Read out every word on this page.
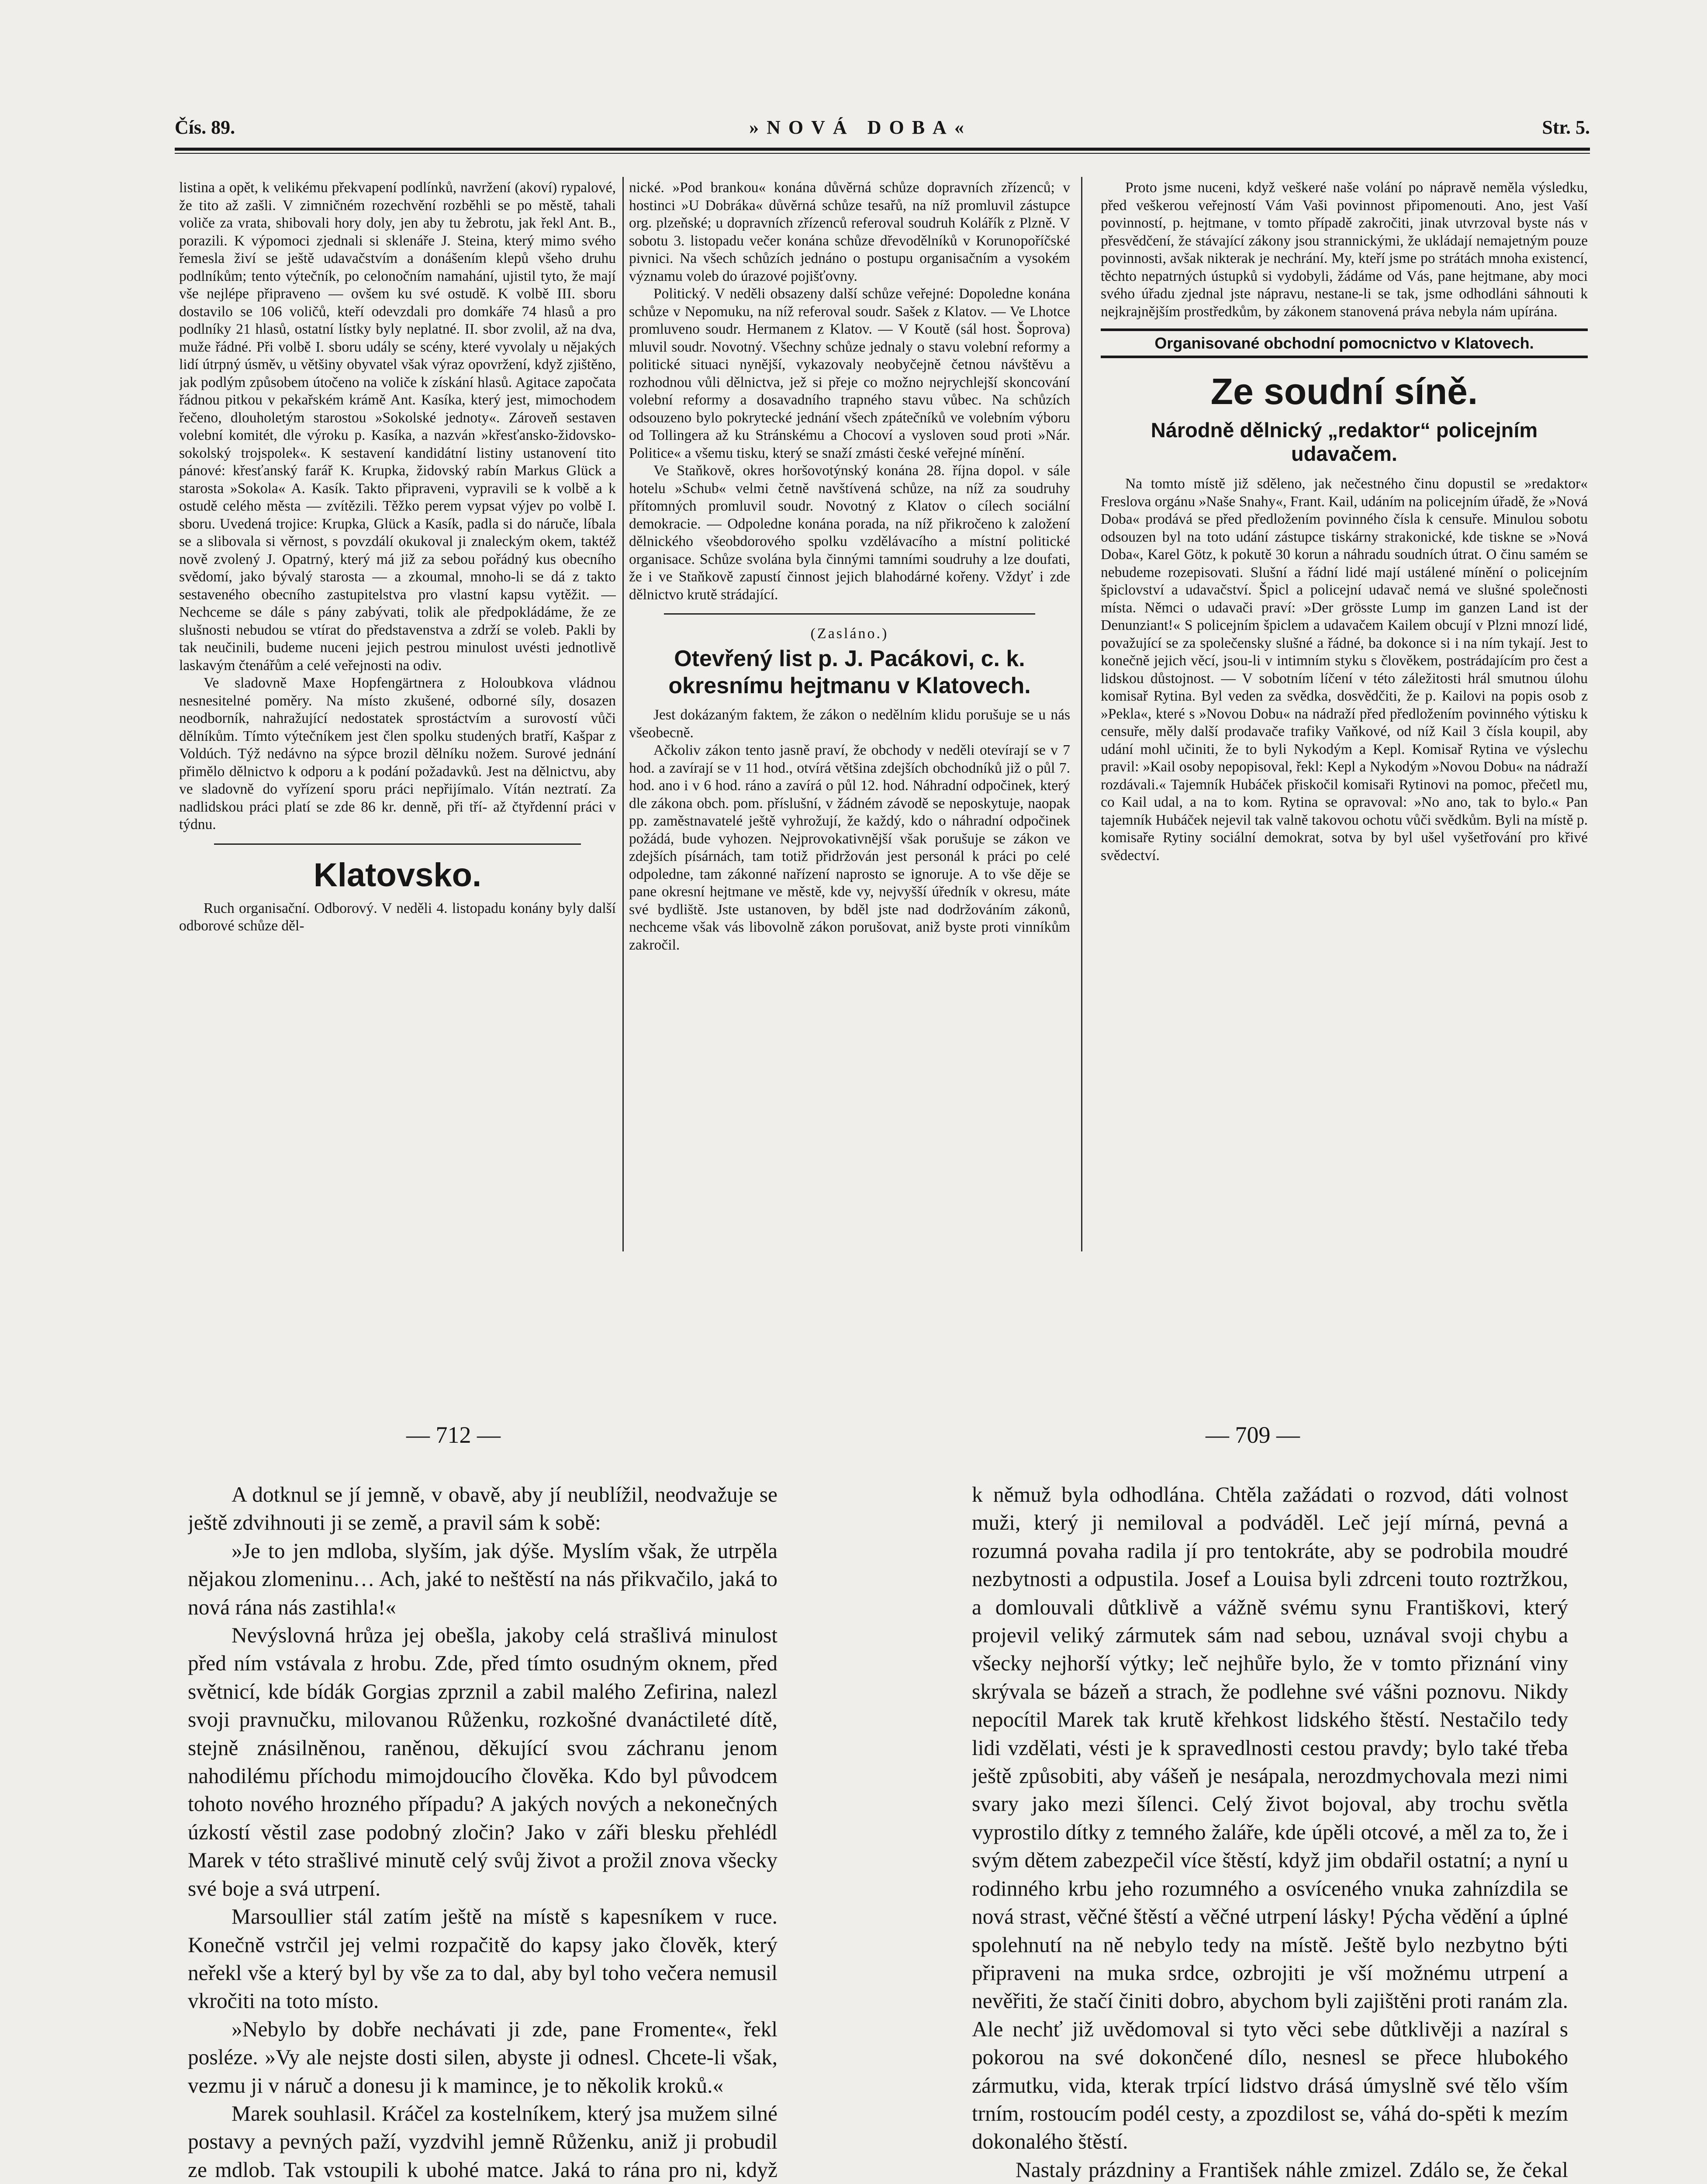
Čís. 89.	»NOVÁ DOBA«	Str. 5.

listina a opět, k velikému překvapení podlínků, navržení (akoví) rypalové, že tito až zašli. V zimničném rozechvění rozběhli se po městě, tahali voliče za vrata, shibovali hory doly, jen aby tu žebrotu, jak řekl Ant. B., porazili. K výpomoci zjednali si sklenáře J. Steina, který mimo svého řemesla živí se ještě udavačstvím a donášením klepů všeho druhu podlníkům; tento výtečník, po celonočním namahání, ujistil tyto, že mají vše nejlépe připraveno — ovšem ku své ostudě. K volbě III. sboru dostavilo se 106 voličů, kteří odevzdali pro domkáře 74 hlasů a pro podlníky 21 hlasů, ostatní lístky byly neplatné. II. sbor zvolil, až na dva, muže řádné. Při volbě I. sboru udály se scény, které vyvolaly u nějakých lidí útrpný úsměv, u většiny obyvatel však výraz opovržení, když zjištěno, jak podlým způsobem útočeno na voliče k získání hlasů. Agitace započata řádnou pitkou v pekařském krámě Ant. Kasíka, který jest, mimochodem řečeno, dlouholetým starostou »Sokolské jednoty«. Zároveň sestaven volební komitét, dle výroku p. Kasíka, a nazván »křesťansko-židovsko-sokolský trojspolek«. K sestavení kandidátní listiny ustanovení tito pánové: křesťanský farář K. Krupka, židovský rabín Markus Glück a starosta »Sokola« A. Kasík. Takto připraveni, vypravili se k volbě a k ostudě celého města — zvítězili. Těžko perem vypsat výjev po volbě I. sboru. Uvedená trojice: Krupka, Glück a Kasík, padla si do náruče, líbala se a slibovala si věrnost, s povzdálí okukoval ji znaleckým okem, taktéž nově zvolený J. Opatrný, který má již za sebou pořádný kus obecního svědomí, jako bývalý starosta — a zkoumal, mnoho-li se dá z takto sestaveného obecního zastupitelstva pro vlastní kapsu vytěžit. — Nechceme se dále s pány zabývati, tolik ale předpokládáme, že ze slušnosti nebudou se vtírat do představenstva a zdrží se voleb. Pakli by tak neučinili, budeme nuceni jejich pestrou minulost uvésti jednotlivě laskavým čtenářům a celé veřejnosti na odiv.

Ve sladovně Maxe Hopfengärtnera z Holoubkova vládnou nesnesitelné poměry. Na místo zkušené, odborné síly, dosazen neodborník, nahražující nedostatek sprostáctvím a surovostí vůči dělníkům. Tímto výtečníkem jest člen spolku studených bratří, Kašpar z Voldúch. Týž nedávno na sýpce brozil dělníku nožem. Surové jednání přimělo dělnictvo k odporu a k podání požadavků. Jest na dělnictvu, aby ve sladovně do vyřízení sporu práci nepřijímalo. Vítán neztratí. Za nadlidskou práci platí se zde 86 kr. denně, při tří- až čtyřdenní práci v týdnu.

Klatovsko.

Ruch organisační. Odborový. V neděli 4. listopadu konány byly další odborové schůze děl-

nické. »Pod brankou« konána důvěrná schůze dopravních zřízenců; v hostinci »U Dobráka« důvěrná schůze tesařů, na níž promluvil zástupce org. plzeňské; u dopravních zřízenců referoval soudruh Kolářík z Plzně. V sobotu 3. listopadu večer konána schůze dřevodělníků v Korunopoříčské pivnici. Na všech schůzích jednáno o postupu organisačním a vysokém významu voleb do úrazové pojišťovny.

Politický. V neděli obsazeny další schůze veřejné: Dopoledne konána schůze v Nepomuku, na níž referoval soudr. Sašek z Klatov. — Ve Lhotce promluveno soudr. Hermanem z Klatov. — V Koutě (sál host. Šoprova) mluvil soudr. Novotný. Všechny schůze jednaly o stavu volební reformy a politické situaci nynější, vykazovaly neobyčejně četnou návštěvu a rozhodnou vůli dělnictva, jež si přeje co možno nejrychlejší skoncování volební reformy a dosavadního trapného stavu vůbec. Na schůzích odsouzeno bylo pokrytecké jednání všech zpátečníků ve volebním výboru od Tollingera až ku Stránskému a Chocoví a vysloven soud proti »Nár. Politice« a všemu tisku, který se snaží zmásti české veřejné mínění.

Ve Staňkově, okres horšovotýnský konána 28. října dopol. v sále hotelu »Schub« velmi četně navštívená schůze, na níž za soudruhy přítomných promluvil soudr. Novotný z Klatov o cílech sociální demokracie. — Odpoledne konána porada, na níž přikročeno k založení dělnického všeobdorového spolku vzdělávacího a místní politické organisace. Schůze svolána byla činnými tamními soudruhy a lze doufati, že i ve Staňkově zapustí činnost jejich blahodárné kořeny. Vždyť i zde dělnictvo krutě strádající.

(Zasláno.)
Otevřený list p. J. Pacákovi, c. k. okresnímu hejtmanu v Klatovech.

Jest dokázaným faktem, že zákon o nedělním klidu porušuje se u nás všeobecně.

Ačkoliv zákon tento jasně praví, že obchody v neděli otevírají se v 7 hod. a zavírají se v 11 hod., otvírá většina zdejších obchodníků již o půl 7. hod. ano i v 6 hod. ráno a zavírá o půl 12. hod. Náhradní odpočinek, který dle zákona obch. pom. příslušní, v žádném závodě se neposkytuje, naopak pp. zaměstnavatelé ještě vyhrožují, že každý, kdo o náhradní odpočinek požádá, bude vyhozen. Nejprovokativnější však porušuje se zákon ve zdejších písárnách, tam totiž přidržován jest personál k práci po celé odpoledne, tam zákonné nařízení naprosto se ignoruje. A to vše děje se pane okresní hejtmane ve městě, kde vy, nejvyšší úředník v okresu, máte své bydliště. Jste ustanoven, by bděl jste nad dodržováním zákonů, nechceme však vás libovolně zákon porušovat, aniž byste proti vinníkům zakročil.

Proto jsme nuceni, když veškeré naše volání po nápravě neměla výsledku, před veškerou veřejností Vám Vaši povinnost připomenouti. Ano, jest Vaší povinností, p. hejtmane, v tomto případě zakročiti, jinak utvrzoval byste nás v přesvědčení, že stávající zákony jsou strannickými, že ukládají nemajetným pouze povinnosti, avšak nikterak je nechrání. My, kteří jsme po strátách mnoha existencí, těchto nepatrných ústupků si vydobyli, žádáme od Vás, pane hejtmane, aby moci svého úřadu zjednal jste nápravu, nestane-li se tak, jsme odhodláni sáhnouti k nejkrajnějším prostředkům, by zákonem stanovená práva nebyla nám upírána.

Organisované obchodní pomocnictvo v Klatovech.
Ze soudní síně.
Národně dělnický „redaktor“ policejním udavačem.

Na tomto místě již sděleno, jak nečestného činu dopustil se »redaktor« Freslova orgánu »Naše Snahy«, Frant. Kail, udáním na policejním úřadě, že »Nová Doba« prodává se před předložením povinného čísla k censuře. Minulou sobotu odsouzen byl na toto udání zástupce tiskárny strakonické, kde tiskne se »Nová Doba«, Karel Götz, k pokutě 30 korun a náhradu soudních útrat. O činu samém se nebudeme rozepisovati. Slušní a řádní lidé mají ustálené mínění o policejním špiclovství a udavačství. Špicl a policejní udavač nemá ve slušné společnosti místa. Němci o udavači praví: »Der grösste Lump im ganzen Land ist der Denunziant!« S policejním špiclem a udavačem Kailem obcují v Plzni mnozí lidé, považující se za společensky slušné a řádné, ba dokonce si i na ním tykají. Jest to konečně jejich věcí, jsou-li v intimním styku s člověkem, postrádajícím pro čest a lidskou důstojnost. — V sobotním líčení v této záležitosti hrál smutnou úlohu komisař Rytina. Byl veden za svědka, dosvědčiti, že p. Kailovi na popis osob z »Pekla«, které s »Novou Dobu« na nádraží před předložením povinného výtisku k censuře, měly další prodavače trafiky Vaňkové, od níž Kail 3 čísla koupil, aby udání mohl učiniti, že to byli Nykodým a Kepl. Komisař Rytina ve výslechu pravil: »Kail osoby nepopisoval, řekl: Kepl a Nykodým »Novou Dobu« na nádraží rozdávali.« Tajemník Hubáček přiskočil komisaři Rytinovi na pomoc, přečetl mu, co Kail udal, a na to kom. Rytina se opravoval: »No ano, tak to bylo.« Pan tajemník Hubáček nejevil tak valně takovou ochotu vůči svědkům. Byli na místě p. komisaře Rytiny sociální demokrat, sotva by byl ušel vyšetřování pro křivé svědectví.

— 712 —	— 709 —

A dotknul se jí jemně, v obavě, aby jí neublížil, neodvažuje se ještě zdvihnouti ji se země, a pravil sám k sobě:

»Je to jen mdloba, slyším, jak dýše. Myslím však, že utrpěla nějakou zlomeninu… Ach, jaké to neštěstí na nás přikvačilo, jaká to nová rána nás zastihla!«

Nevýslovná hrůza jej obešla, jakoby celá strašlivá minulost před ním vstávala z hrobu. Zde, před tímto osudným oknem, před světnicí, kde bídák Gorgias zprznil a zabil malého Zefirina, nalezl svoji pravnučku, milovanou Růženku, rozkošné dvanáctileté dítě, stejně znásilněnou, raněnou, děkující svou záchranu jenom nahodilému příchodu mimojdoucího člověka. Kdo byl původcem tohoto nového hrozného případu? A jakých nových a nekonečných úzkostí věstil zase podobný zločin? Jako v záři blesku přehlédl Marek v této strašlivé minutě celý svůj život a prožil znova všecky své boje a svá utrpení.

Marsoullier stál zatím ještě na místě s kapesníkem v ruce. Konečně vstrčil jej velmi rozpačitě do kapsy jako člověk, který neřekl vše a který byl by vše za to dal, aby byl toho večera nemusil vkročiti na toto místo.

»Nebylo by dobře nechávati ji zde, pane Fromente«, řekl posléze. »Vy ale nejste dosti silen, abyste ji odnesl. Chcete-li však, vezmu ji v náruč a donesu ji k mamince, je to několik kroků.«

Marek souhlasil. Kráčel za kostelníkem, který jsa mužem silné postavy a pevných paží, vyzdvihl jemně Růženku, aniž ji probudil ze mdlob. Tak vstoupili k ubohé matce. Jaká to rána pro ni, když

k němuž byla odhodlána. Chtěla zažádati o rozvod, dáti volnost muži, který ji nemiloval a podváděl. Leč její mírná, pevná a rozumná povaha radila jí pro tentokráte, aby se podrobila moudré nezbytnosti a odpustila. Josef a Louisa byli zdrceni touto roztržkou, a domlouvali důtklivě a vážně svému synu Františkovi, který projevil veliký zármutek sám nad sebou, uznával svoji chybu a všecky nejhorší výtky; leč nejhůře bylo, že v tomto přiznání viny skrývala se bázeň a strach, že podlehne své vášni poznovu. Nikdy nepocítil Marek tak krutě křehkost lidského štěstí. Nestačilo tedy lidi vzdělati, vésti je k spravedlnosti cestou pravdy; bylo také třeba ještě způsobiti, aby vášeň je nesápala, nerozdmychovala mezi nimi svary jako mezi šílenci. Celý život bojoval, aby trochu světla vyprostilo dítky z temného žaláře, kde úpěli otcové, a měl za to, že i svým dětem zabezpečil více štěstí, když jim obdařil ostatní; a nyní u rodinného krbu jeho rozumného a osvíceného vnuka zahnízdila se nová strast, věčné štěstí a věčné utrpení lásky! Pýcha vědění a úplné spolehnutí na ně nebylo tedy na místě. Ještě bylo nezbytno býti připraveni na muka srdce, ozbrojiti je vší možnému utrpení a nevěřiti, že stačí činiti dobro, abychom byli zajištěni proti ranám zla. Ale nechť již uvědomoval si tyto věci sebe důtklivěji a nazíral s pokorou na své dokončené dílo, nesnesl se přece hlubokého zármutku, vida, kterak trpící lidstvo drásá úmyslně své tělo vším trním, rostoucím podél cesty, a zpozdilost se, váhá do-spěti k mezím dokonalého štěstí.

Nastaly prázdniny a František náhle zmizel. Zdálo se, že čekal
